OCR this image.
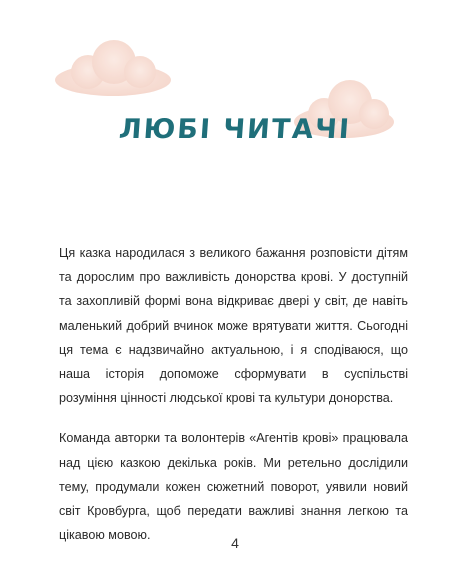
ЛЮБІ ЧИТАЧІ

Ця казка народилася з великого бажання розповісти дітям та дорослим про важливість донорства крові. У доступній та захопливій формі вона відкриває двері у світ, де навіть маленький добрий вчинок може врятувати життя. Сьогодні ця тема є надзвичайно актуальною, і я сподіваюся, що наша історія допоможе сформувати в суспільстві розуміння цінності людської крові та культури донорства.

Команда авторки та волонтерів «Агентів крові» працювала над цією казкою декілька років. Ми ретельно дослідили тему, продумали кожен сюжетний поворот, уявили новий світ Кровбурга, щоб передати важливі знання легкою та цікавою мовою.	4
